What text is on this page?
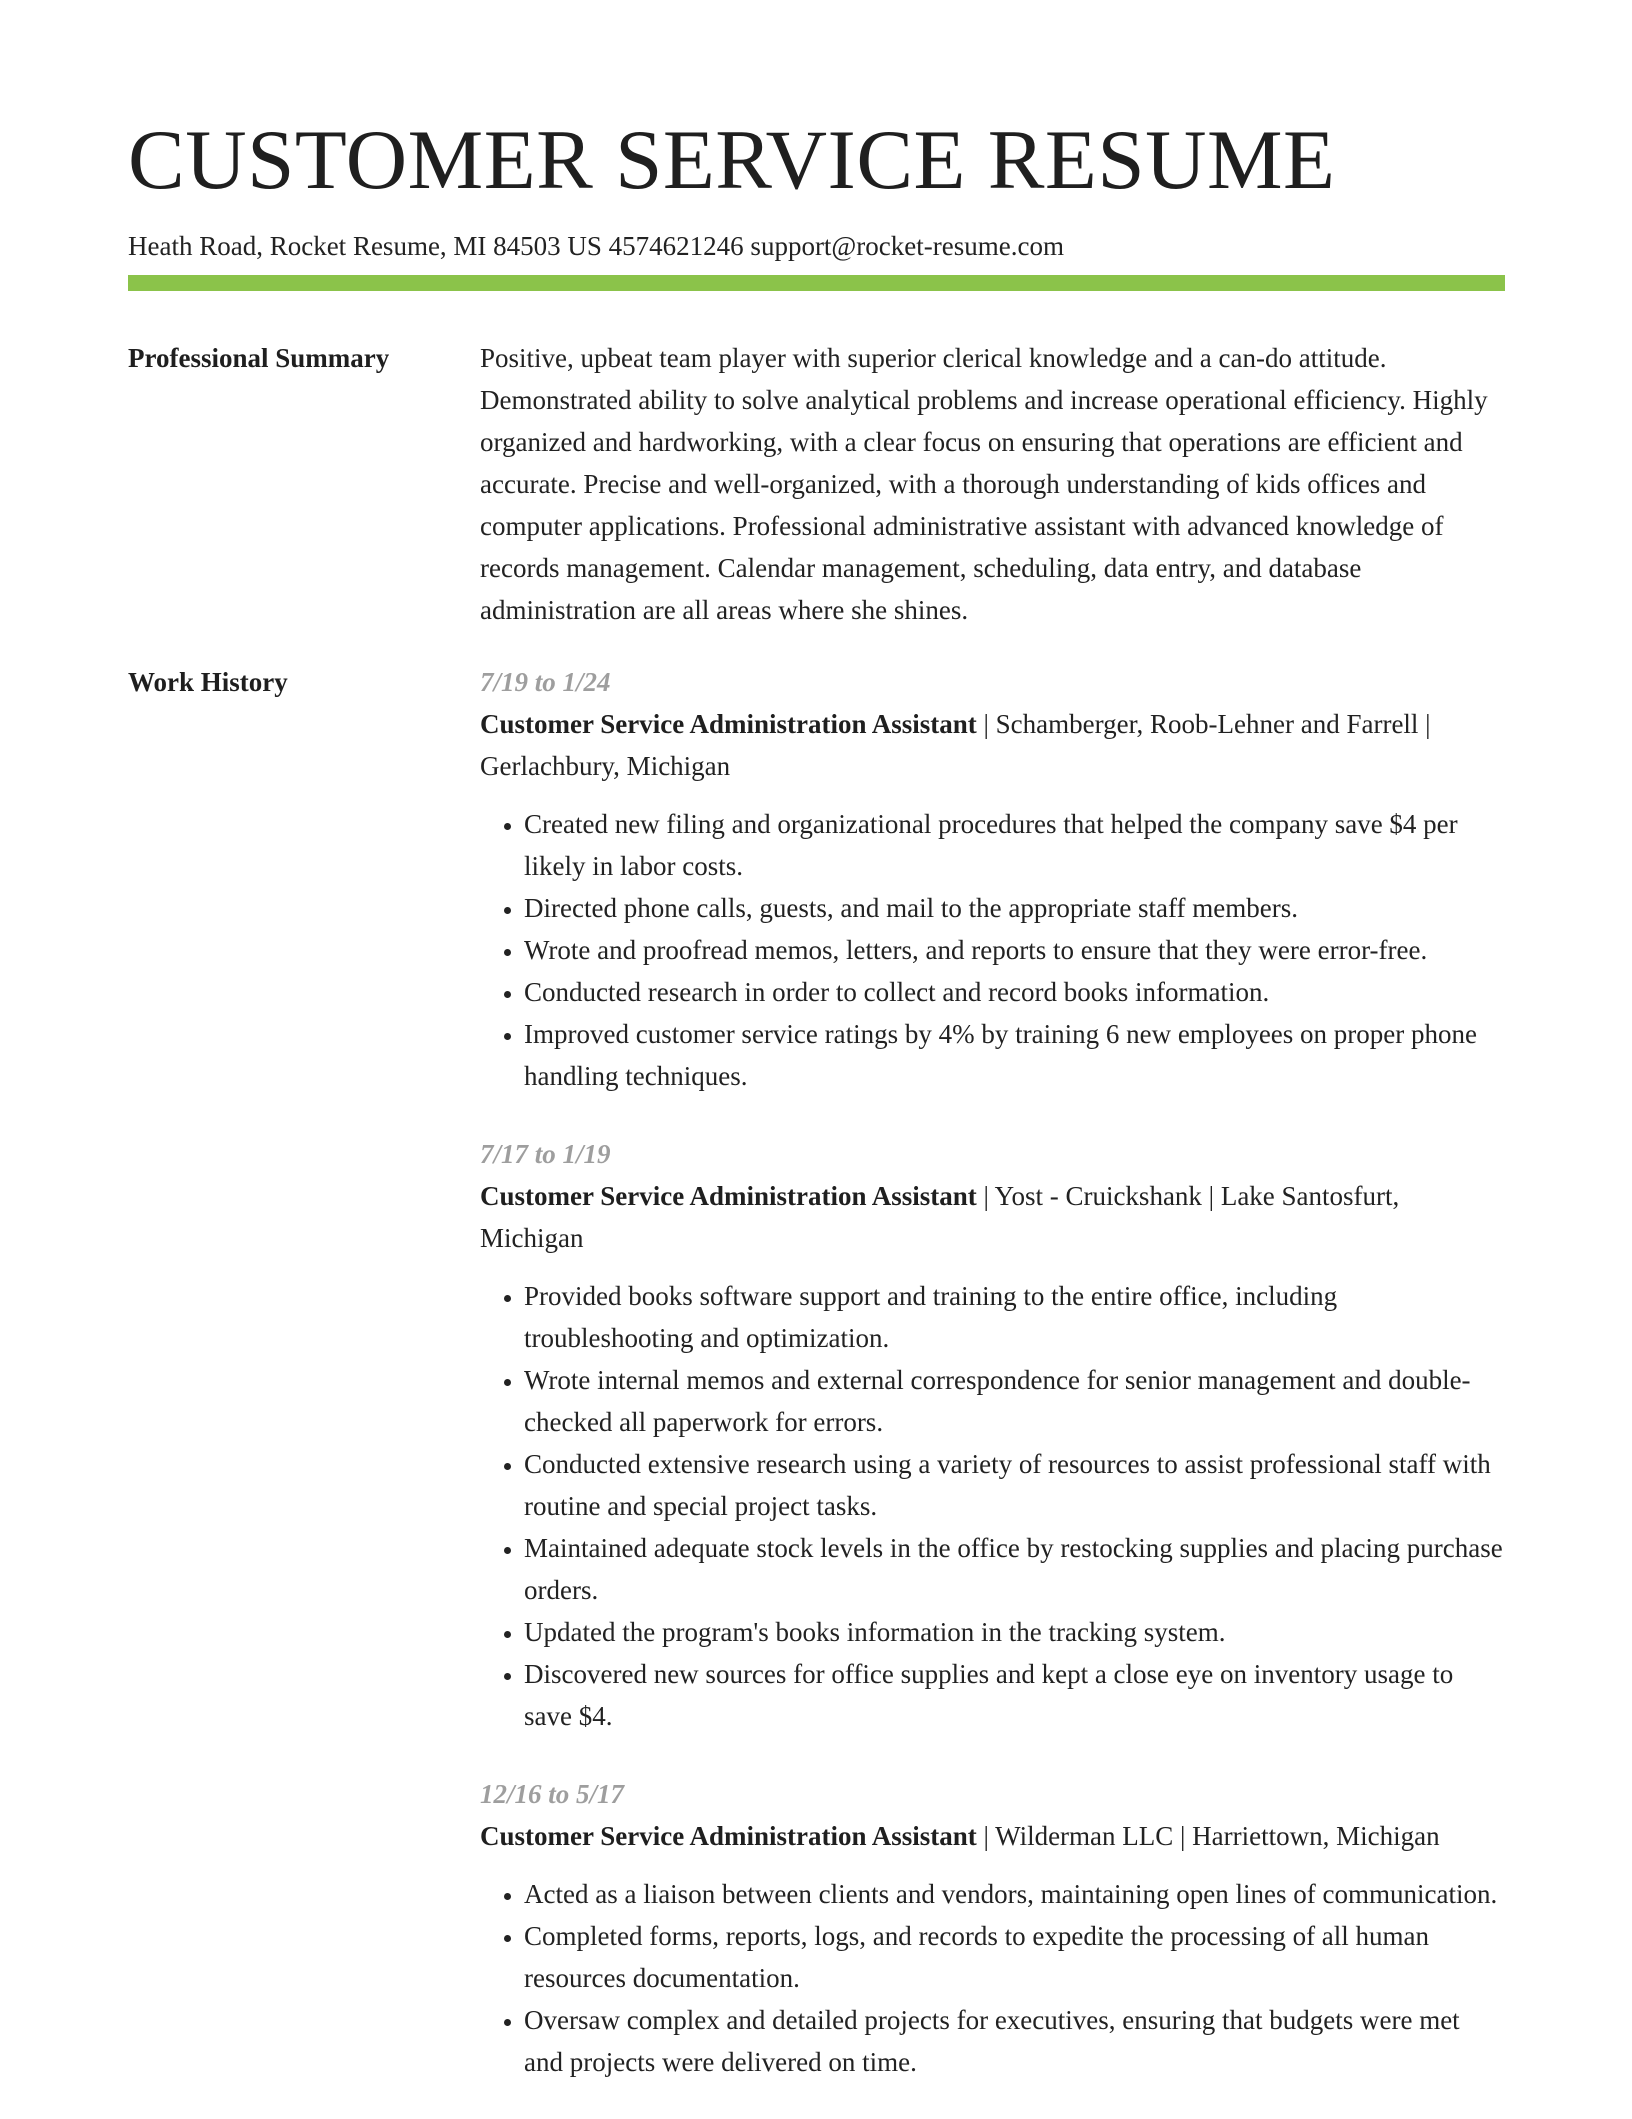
CUSTOMER SERVICE RESUME
Heath Road, Rocket Resume, MI 84503 US 4574621246 support@rocket-resume.com
Professional Summary	Positive, upbeat team player with superior clerical knowledge and a can-do attitude. Demonstrated ability to solve analytical problems and increase operational efficiency. Highly organized and hardworking, with a clear focus on ensuring that operations are efficient and accurate. Precise and well-organized, with a thorough understanding of kids offices and computer applications. Professional administrative assistant with advanced knowledge of records management. Calendar management, scheduling, data entry, and database administration are all areas where she shines.

Work History	7/19 to 1/24
Customer Service Administration Assistant | Schamberger, Roob-Lehner and Farrell | Gerlachbury, Michigan
• Created new filing and organizational procedures that helped the company save $4 per likely in labor costs.
• Directed phone calls, guests, and mail to the appropriate staff members.
• Wrote and proofread memos, letters, and reports to ensure that they were error-free.
• Conducted research in order to collect and record books information.
• Improved customer service ratings by 4% by training 6 new employees on proper phone handling techniques.
7/17 to 1/19
Customer Service Administration Assistant | Yost - Cruickshank | Lake Santosfurt, Michigan
• Provided books software support and training to the entire office, including troubleshooting and optimization.
• Wrote internal memos and external correspondence for senior management and double-checked all paperwork for errors.
• Conducted extensive research using a variety of resources to assist professional staff with routine and special project tasks.
• Maintained adequate stock levels in the office by restocking supplies and placing purchase orders.
• Updated the program's books information in the tracking system.
• Discovered new sources for office supplies and kept a close eye on inventory usage to save $4.
12/16 to 5/17
Customer Service Administration Assistant | Wilderman LLC | Harriettown, Michigan
• Acted as a liaison between clients and vendors, maintaining open lines of communication.
• Completed forms, reports, logs, and records to expedite the processing of all human resources documentation.
• Oversaw complex and detailed projects for executives, ensuring that budgets were met and projects were delivered on time.
